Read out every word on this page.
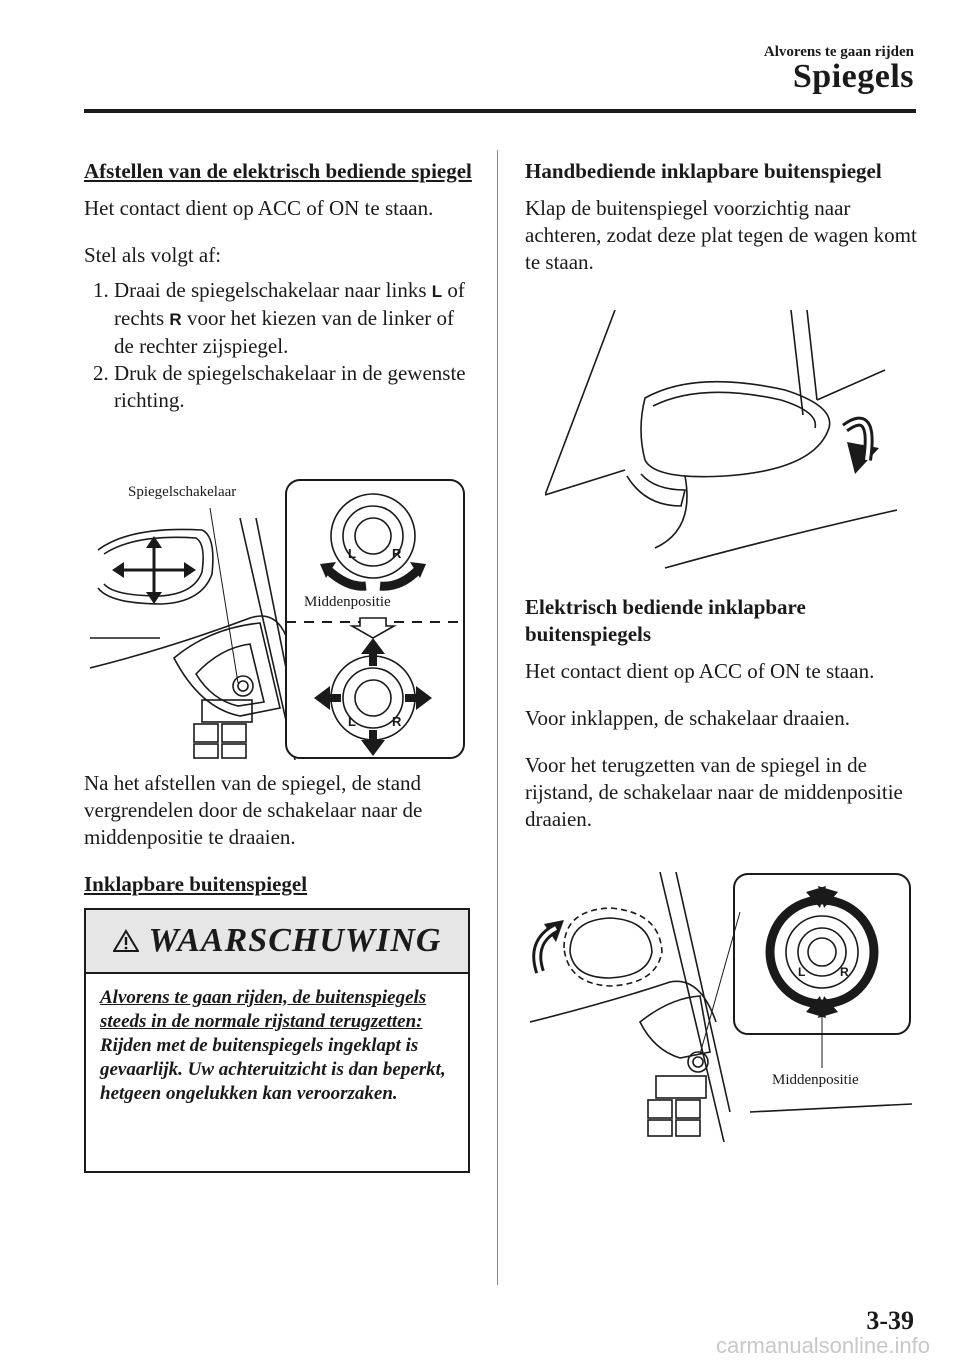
Alvorens te gaan rijden
Spiegels
Afstellen van de elektrisch bediende spiegel

Het contact dient op ACC of ON te staan.

Stel als volgt af:

1. Draai de spiegelschakelaar naar links L of rechts R voor het kiezen van de linker of de rechter zijspiegel.
2. Druk de spiegelschakelaar in de gewenste richting.
L	R
L	R
Spiegelschakelaar
Middenpositie

Na het afstellen van de spiegel, de stand vergrendelen door de schakelaar naar de middenpositie te draaien.

Inklapbare buitenspiegel
WAARSCHUWING
Alvorens te gaan rijden, de buitenspiegels steeds in de normale rijstand terugzetten:
Rijden met de buitenspiegels ingeklapt is gevaarlijk. Uw achteruitzicht is dan beperkt, hetgeen ongelukken kan veroorzaken.
Handbediende inklapbare buitenspiegel

Klap de buitenspiegel voorzichtig naar achteren, zodat deze plat tegen de wagen komt te staan.

Elektrisch bediende inklapbare buitenspiegels

Het contact dient op ACC of ON te staan.

Voor inklappen, de schakelaar draaien.

Voor het terugzetten van de spiegel in de rijstand, de schakelaar naar de middenpositie draaien.

L	R
Middenpositie
3-39
carmanualsonline.info
